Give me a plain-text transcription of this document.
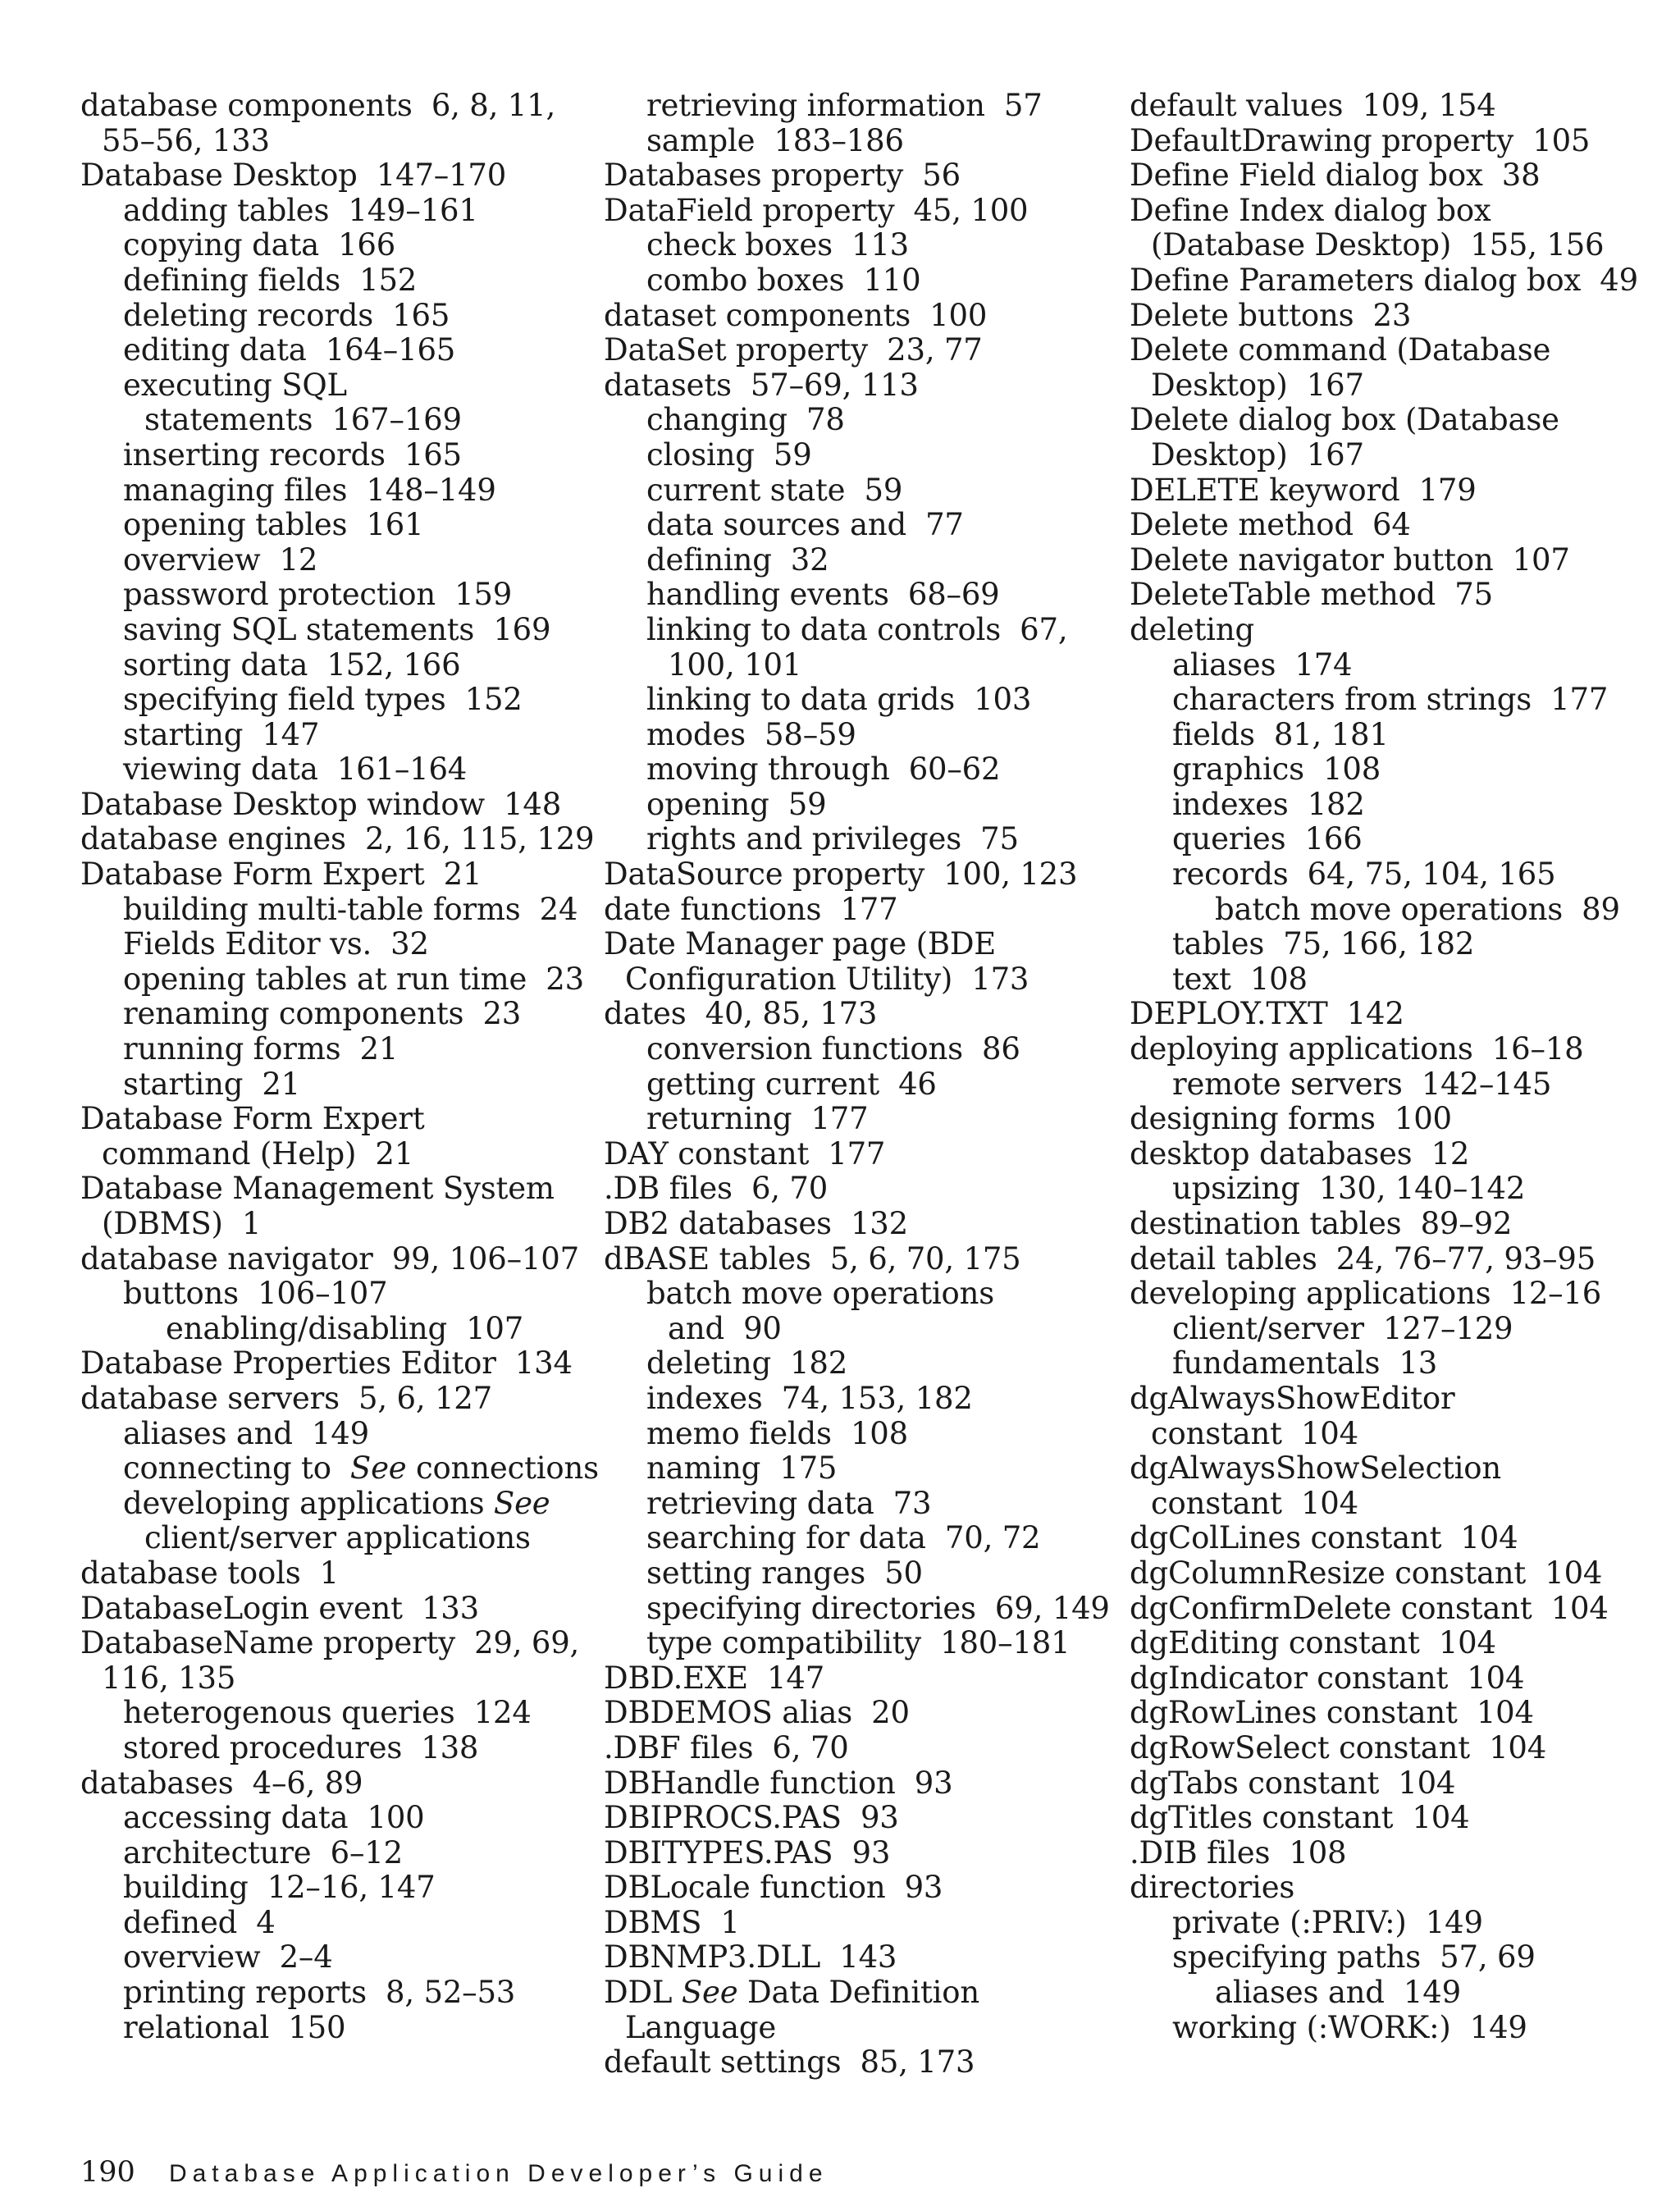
database components  6, 8, 11,
55–56, 133
Database Desktop  147–170
adding tables  149–161
copying data  166
defining fields  152
deleting records  165
editing data  164–165
executing SQL
statements  167–169
inserting records  165
managing files  148–149
opening tables  161
overview  12
password protection  159
saving SQL statements  169
sorting data  152, 166
specifying field types  152
starting  147
viewing data  161–164
Database Desktop window  148
database engines  2, 16, 115, 129
Database Form Expert  21
building multi-table forms  24
Fields Editor vs.  32
opening tables at run time  23
renaming components  23
running forms  21
starting  21
Database Form Expert
command (Help)  21
Database Management System
(DBMS)  1
database navigator  99, 106–107
buttons  106–107
enabling/disabling  107
Database Properties Editor  134
database servers  5, 6, 127
aliases and  149
connecting to  See connections
developing applications See
client/server applications
database tools  1
DatabaseLogin event  133
DatabaseName property  29, 69,
116, 135
heterogenous queries  124
stored procedures  138
databases  4–6, 89
accessing data  100
architecture  6–12
building  12–16, 147
defined  4
overview  2–4
printing reports  8, 52–53
relational  150
retrieving information  57
sample  183–186
Databases property  56
DataField property  45, 100
check boxes  113
combo boxes  110
dataset components  100
DataSet property  23, 77
datasets  57–69, 113
changing  78
closing  59
current state  59
data sources and  77
defining  32
handling events  68–69
linking to data controls  67,
100, 101
linking to data grids  103
modes  58–59
moving through  60–62
opening  59
rights and privileges  75
DataSource property  100, 123
date functions  177
Date Manager page (BDE
Configuration Utility)  173
dates  40, 85, 173
conversion functions  86
getting current  46
returning  177
DAY constant  177
.DB files  6, 70
DB2 databases  132
dBASE tables  5, 6, 70, 175
batch move operations
and  90
deleting  182
indexes  74, 153, 182
memo fields  108
naming  175
retrieving data  73
searching for data  70, 72
setting ranges  50
specifying directories  69, 149
type compatibility  180–181
DBD.EXE  147
DBDEMOS alias  20
.DBF files  6, 70
DBHandle function  93
DBIPROCS.PAS  93
DBITYPES.PAS  93
DBLocale function  93
DBMS  1
DBNMP3.DLL  143
DDL See Data Definition
Language
default settings  85, 173
default values  109, 154
DefaultDrawing property  105
Define Field dialog box  38
Define Index dialog box
(Database Desktop)  155, 156
Define Parameters dialog box  49
Delete buttons  23
Delete command (Database
Desktop)  167
Delete dialog box (Database
Desktop)  167
DELETE keyword  179
Delete method  64
Delete navigator button  107
DeleteTable method  75
deleting
aliases  174
characters from strings  177
fields  81, 181
graphics  108
indexes  182
queries  166
records  64, 75, 104, 165
batch move operations  89
tables  75, 166, 182
text  108
DEPLOY.TXT  142
deploying applications  16–18
remote servers  142–145
designing forms  100
desktop databases  12
upsizing  130, 140–142
destination tables  89–92
detail tables  24, 76–77, 93–95
developing applications  12–16
client/server  127–129
fundamentals  13
dgAlwaysShowEditor
constant  104
dgAlwaysShowSelection
constant  104
dgColLines constant  104
dgColumnResize constant  104
dgConfirmDelete constant  104
dgEditing constant  104
dgIndicator constant  104
dgRowLines constant  104
dgRowSelect constant  104
dgTabs constant  104
dgTitles constant  104
.DIB files  108
directories
private (:PRIV:)  149
specifying paths  57, 69
aliases and  149
working (:WORK:)  149
190 Database Application Developer’s Guide
